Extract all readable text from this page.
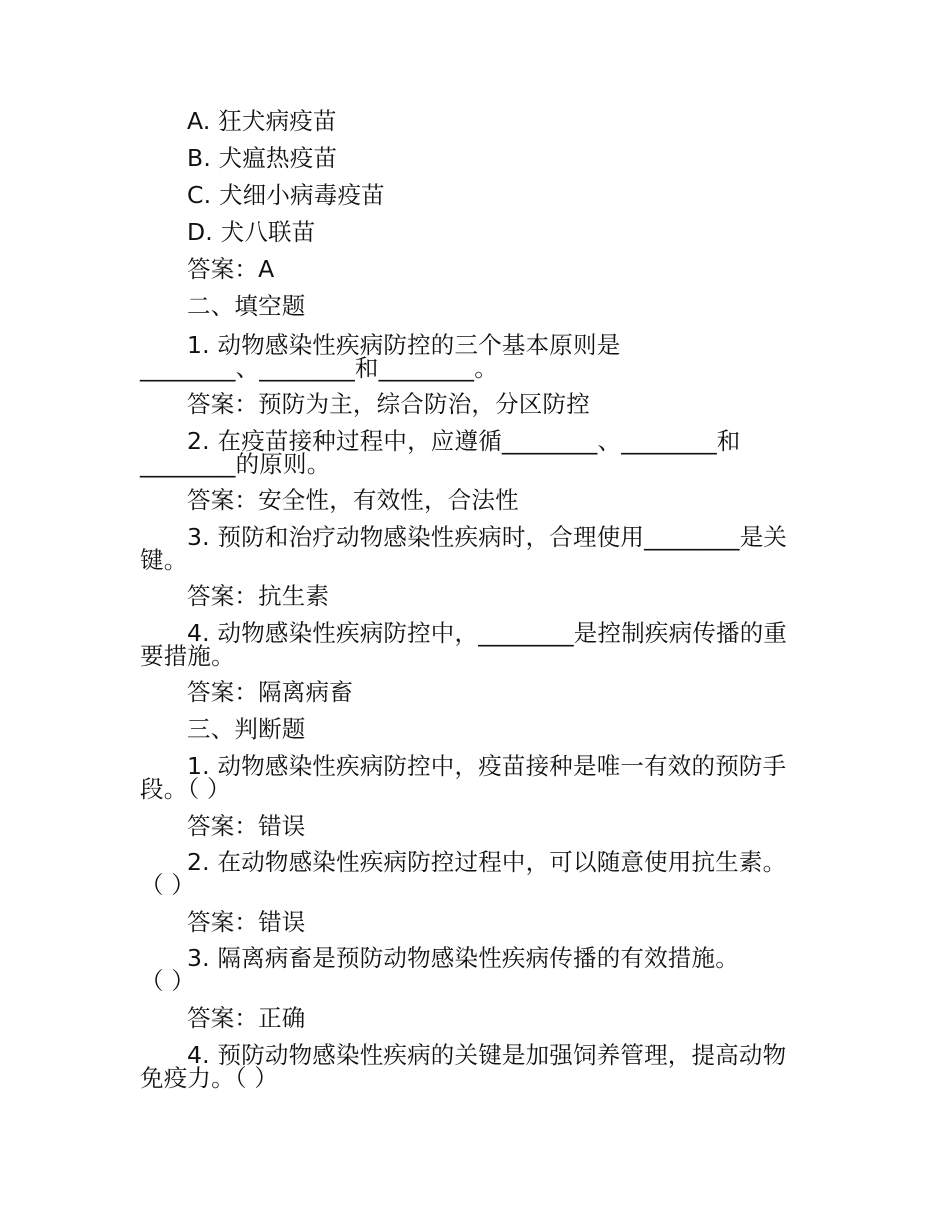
A. 狂犬病疫苗
B. 犬瘟热疫苗
C. 犬细小病毒疫苗
D. 犬八联苗
答案：A
二、填空题
1. 动物感染性疾病防控的三个基本原则是
________、________和________。
答案：预防为主，综合防治，分区防控
2. 在疫苗接种过程中，应遵循________、________和
________的原则。
答案：安全性，有效性，合法性
3. 预防和治疗动物感染性疾病时，合理使用________是关
键。
答案：抗生素
4. 动物感染性疾病防控中，________是控制疾病传播的重
要措施。
答案：隔离病畜
三、判断题
1. 动物感染性疾病防控中，疫苗接种是唯一有效的预防手
段。（ ）
答案：错误
2. 在动物感染性疾病防控过程中，可以随意使用抗生素。
（ ）
答案：错误
3. 隔离病畜是预防动物感染性疾病传播的有效措施。
（ ）
答案：正确
4. 预防动物感染性疾病的关键是加强饲养管理，提高动物
免疫力。（ ）
